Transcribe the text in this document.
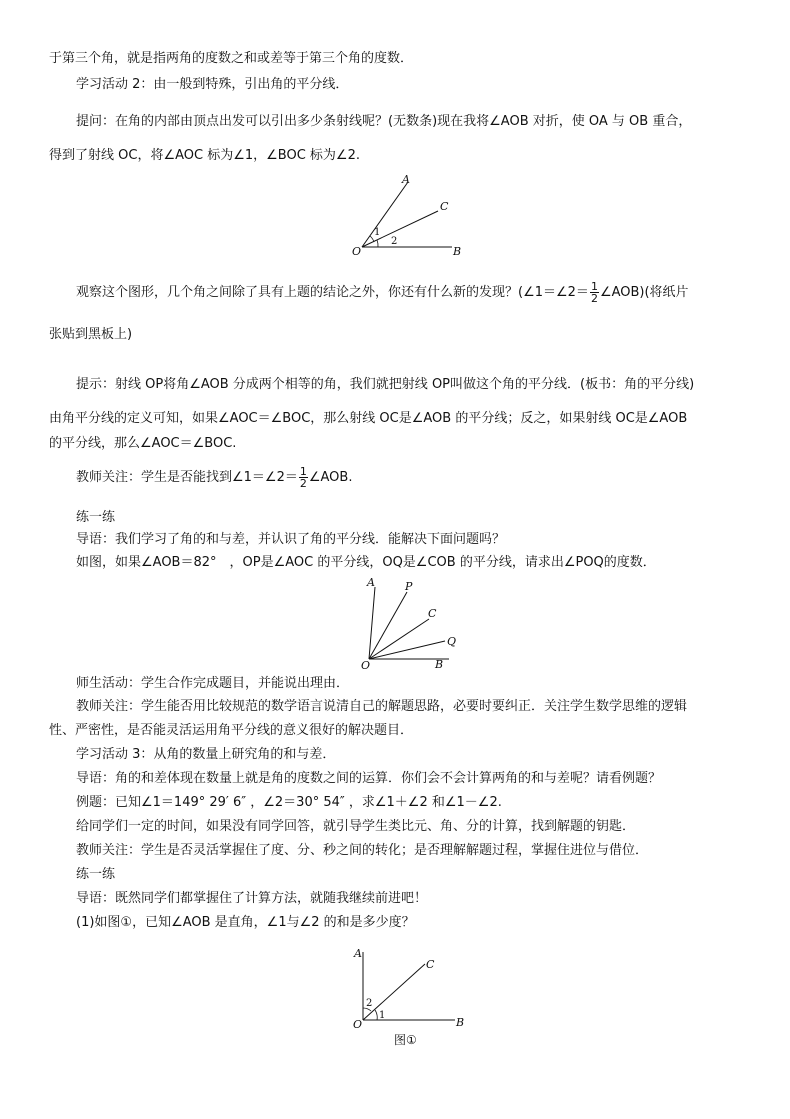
于第三个角，就是指两角的度数之和或差等于第三个角的度数．
学习活动 2：由一般到特殊，引出角的平分线．
提问：在角的内部由顶点出发可以引出多少条射线呢？(无数条)现在我将∠AOB 对折，使 OA 与 OB 重合，
得到了射线 OC，将∠AOC 标为∠1，∠BOC 标为∠2.
A
C
O	B
1
2
观察这个图形，几个角之间除了具有上题的结论之外，你还有什么新的发现？(∠1＝∠2＝ $\frac{1}{2}$ ∠AOB)(将纸片
张贴到黑板上)
提示：射线 OP将角∠AOB 分成两个相等的角，我们就把射线 OP叫做这个角的平分线．(板书：角的平分线)
由角平分线的定义可知，如果∠AOC＝∠BOC，那么射线 OC是∠AOB 的平分线；反之，如果射线 OC是∠AOB
的平分线，那么∠AOC＝∠BOC.
教师关注：学生是否能找到∠1＝∠2＝ $\frac{1}{2}$ ∠AOB.
练一练
导语：我们学习了角的和与差，并认识了角的平分线．能解决下面问题吗？
如图，如果∠AOB＝82°　，OP是∠AOC 的平分线，OQ是∠COB 的平分线，请求出∠POQ的度数．
A	P
C
Q
O	B
师生活动：学生合作完成题目，并能说出理由．
教师关注：学生能否用比较规范的数学语言说清自己的解题思路，必要时要纠正．关注学生数学思维的逻辑
性、严密性，是否能灵活运用角平分线的意义很好的解决题目．
学习活动 3：从角的数量上研究角的和与差．
导语：角的和差体现在数量上就是角的度数之间的运算．你们会不会计算两角的和与差呢？请看例题？
例题：已知∠1＝149° 29′ 6″ ，∠2＝30° 54″ ，求∠1＋∠2 和∠1－∠2.
给同学们一定的时间，如果没有同学回答，就引导学生类比元、角、分的计算，找到解题的钥匙．
教师关注：学生是否灵活掌握住了度、分、秒之间的转化；是否理解解题过程，掌握住进位与借位．
练一练
导语：既然同学们都掌握住了计算方法，就随我继续前进吧！
(1)如图①，已知∠AOB 是直角，∠1与∠2 的和是多少度？
A
C
O	B
2
1
图①
